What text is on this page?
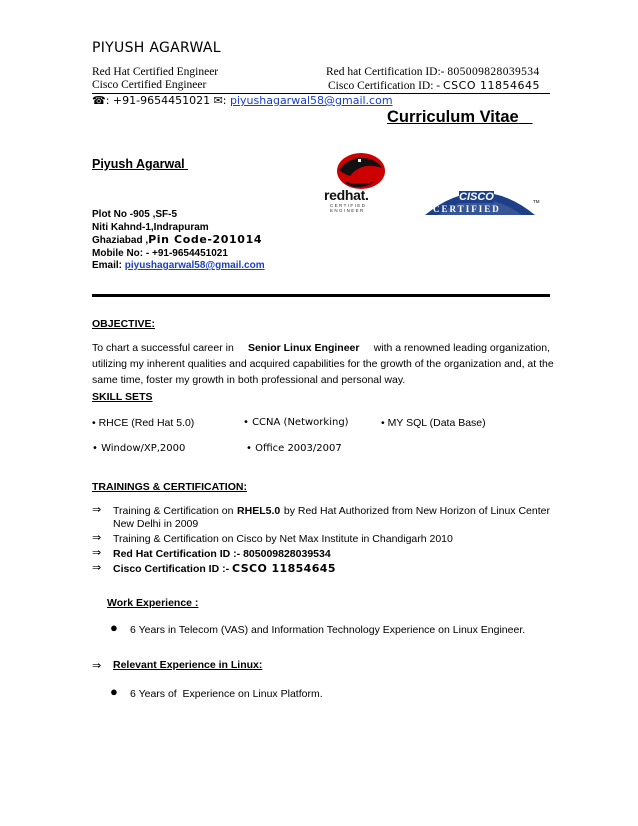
PIYUSH AGARWAL
Red Hat Certified Engineer
Cisco Certified Engineer
Red hat Certification ID:- 805009828039534
Cisco Certification ID: - CSCO 11854645
☎: +91-9654451021 ✉: piyushagarwal58@gmail.com
Curriculum Vitae
Piyush Agarwal
Plot No -905 ,SF-5
Niti Kahnd-1,Indrapuram
Ghaziabad ,Pin Code-201014
Mobile No: - +91-9654451021
Email: piyushagarwal58@gmail.com
redhat.
CERTIFIED
ENGINEER
CCNA
CISCO
CERTIFIED
TM
OBJECTIVE:
To chart a successful career in Senior Linux Engineer with a renowned leading organization,
utilizing my inherent qualities and acquired capabilities for the growth of the organization and, at the
same time, foster my growth in both professional and personal way.
SKILL SETS
• RHCE (Red Hat 5.0)	• CCNA (Networking)	• MY SQL (Data Base)
• Window/XP,2000	• Office 2003/2007
TRAININGS & CERTIFICATION:
⇒ Training & Certification on RHEL5.0 by Red Hat Authorized from New Horizon of Linux Center
New Delhi in 2009
⇒ Training & Certification on Cisco by Net Max Institute in Chandigarh 2010
⇒ Red Hat Certification ID :- 805009828039534
⇒ Cisco Certification ID :- CSCO 11854645
Work Experience :
● 6 Years in Telecom (VAS) and Information Technology Experience on Linux Engineer.
⇒ Relevant Experience in Linux:
● 6 Years of  Experience on Linux Platform.
